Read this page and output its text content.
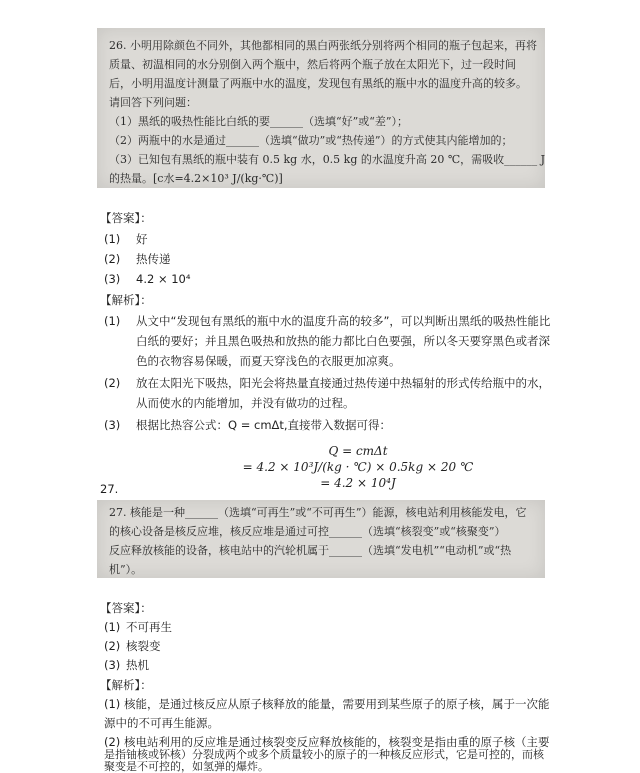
26. 小明用除颜色不同外，其他都相同的黑白两张纸分别将两个相同的瓶子包起来，再将

质量、初温相同的水分别倒入两个瓶中，然后将两个瓶子放在太阳光下，过一段时间

后，小明用温度计测量了两瓶中水的温度，发现包有黑纸的瓶中水的温度升高的较多。

请回答下列问题：

（1）黑纸的吸热性能比白纸的要______（选填“好”或“差”）；

（2）两瓶中的水是通过______（选填“做功”或“热传递”）的方式使其内能增加的；

（3）已知包有黑纸的瓶中装有 0.5 kg 水，0.5 kg 的水温度升高 20 ℃，需吸收______ J

的热量。[c水=4.2×10³ J/(kg·℃)]

【答案】：
(1) 好
(2) 热传递
(3) 4.2 × 10⁴
【解析】：
(1) 从文中“发现包有黑纸的瓶中水的温度升高的较多”，可以判断出黑纸的吸热性能比
白纸的要好；并且黑色吸热和放热的能力都比白色要强，所以冬天要穿黑色或者深
色的衣物容易保暖，而夏天穿浅色的衣服更加凉爽。
(2) 放在太阳光下吸热，阳光会将热量直接通过热传递中热辐射的形式传给瓶中的水，
从而使水的内能增加，并没有做功的过程。
(3) 根据比热容公式：Q = cmΔt,直接带入数据可得：
Q = cmΔt
= 4.2 × 10³J/(kg · ℃) × 0.5kg × 20 ℃
= 4.2 × 10⁴J
27.

27. 核能是一种______（选填“可再生”或“不可再生”）能源，核电站利用核能发电，它

的核心设备是核反应堆，核反应堆是通过可控______（选填“核裂变”或“核聚变”）

反应释放核能的设备，核电站中的汽轮机属于______（选填“发电机”“电动机”或“热

机”）。

【答案】：
(1) 不可再生
(2) 核裂变
(3) 热机
【解析】：
(1) 核能，是通过核反应从原子核释放的能量，需要用到某些原子的原子核，属于一次能
源中的不可再生能源。
(2) 核电站利用的反应堆是通过核裂变反应释放核能的，核裂变是指由重的原子核（主要
是指铀核或钚核）分裂成两个或多个质量较小的原子的一种核反应形式，它是可控的，而核
聚变是不可控的，如氢弹的爆炸。
